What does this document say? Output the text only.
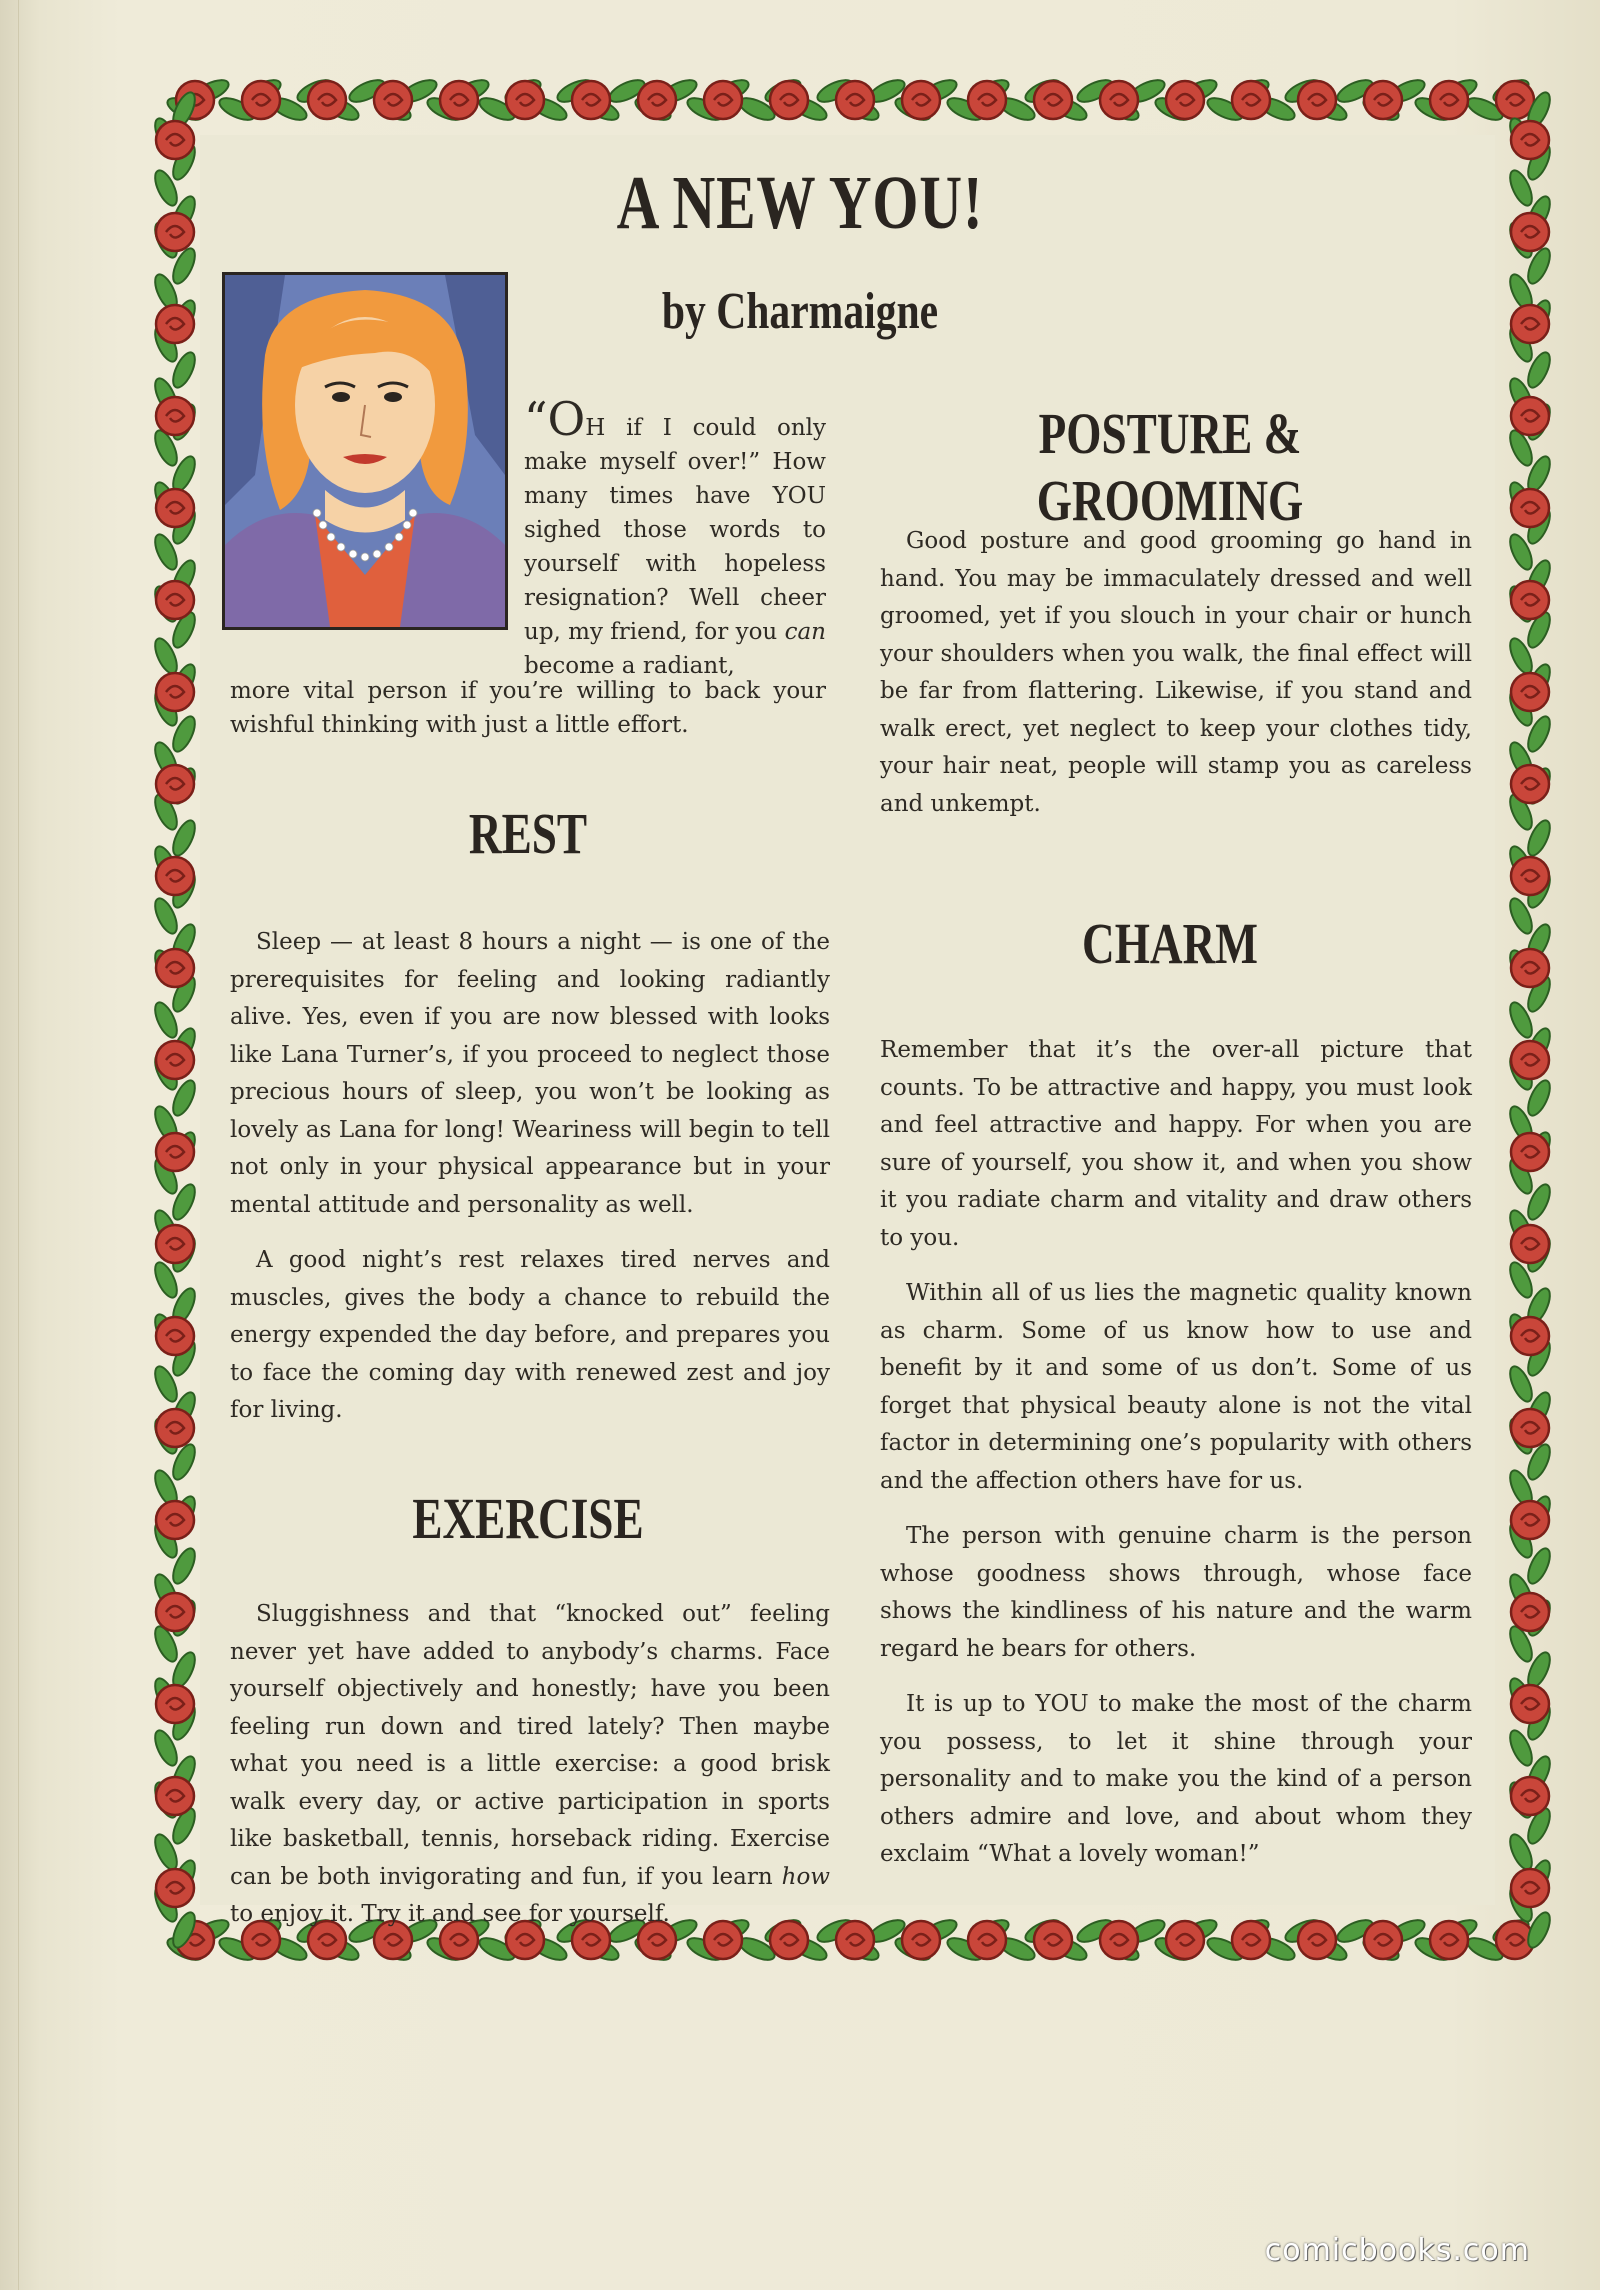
A NEW YOU!
by Charmaigne
“OH if I could only make myself over!” How many times have YOU sighed those words to yourself with hopeless resignation? Well cheer up, my friend, for you can become a radiant,
more vital person if you’re willing to back your wishful thinking with just a little effort.
REST

Sleep — at least 8 hours a night — is one of the prerequisites for feeling and looking radiantly alive. Yes, even if you are now blessed with looks like Lana Turner’s, if you proceed to neglect those precious hours of sleep, you won’t be looking as lovely as Lana for long! Weariness will begin to tell not only in your physical appearance but in your mental attitude and personality as well.

A good night’s rest relaxes tired nerves and muscles, gives the body a chance to rebuild the energy expended the day before, and prepares you to face the coming day with renewed zest and joy for living.

EXERCISE

Sluggishness and that “knocked out” feeling never yet have added to anybody’s charms. Face yourself objectively and honestly; have you been feeling run down and tired lately? Then maybe what you need is a little exercise: a good brisk walk every day, or active participation in sports like basketball, tennis, horseback riding. Exercise can be both invigorating and fun, if you learn how to enjoy it. Try it and see for yourself.

POSTURE & GROOMING

Good posture and good grooming go hand in hand. You may be immaculately dressed and well groomed, yet if you slouch in your chair or hunch your shoulders when you walk, the final effect will be far from flattering. Likewise, if you stand and walk erect, yet neglect to keep your clothes tidy, your hair neat, people will stamp you as careless and unkempt.

CHARM

Remember that it’s the over-all picture that counts. To be attractive and happy, you must look and feel attractive and happy. For when you are sure of yourself, you show it, and when you show it you radiate charm and vitality and draw others to you.

Within all of us lies the magnetic quality known as charm. Some of us know how to use and benefit by it and some of us don’t. Some of us forget that physical beauty alone is not the vital factor in determining one’s popularity with others and the affection others have for us.

The person with genuine charm is the person whose goodness shows through, whose face shows the kindliness of his nature and the warm regard he bears for others.

It is up to YOU to make the most of the charm you possess, to let it shine through your personality and to make you the kind of a person others admire and love, and about whom they exclaim “What a lovely woman!”

comicbooks.com
